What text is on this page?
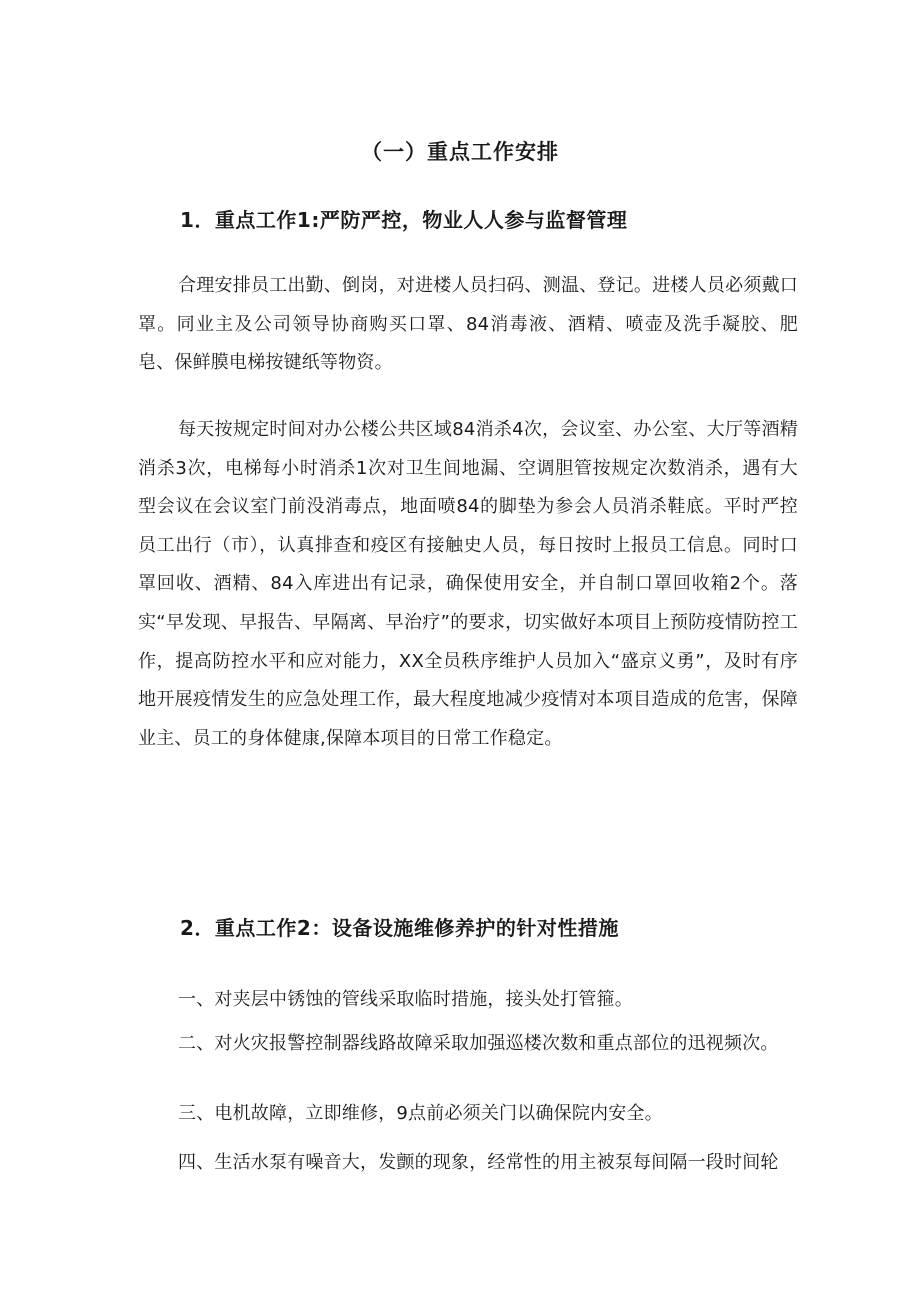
（一）重点工作安排
1．重点工作1:严防严控，物业人人参与监督管理

合理安排员工出勤、倒岗，对进楼人员扫码、测温、登记。进楼人员必须戴口罩。同业主及公司领导协商购买口罩、84消毒液、酒精、喷壶及洗手凝胶、肥皂、保鲜膜电梯按键纸等物资。

每天按规定时间对办公楼公共区域84消杀4次，会议室、办公室、大厅等酒精消杀3次，电梯每小时消杀1次对卫生间地漏、空调胆管按规定次数消杀，遇有大型会议在会议室门前没消毒点，地面喷84的脚垫为参会人员消杀鞋底。平时严控员工出行（市），认真排查和疫区有接触史人员，每日按时上报员工信息。同时口罩回收、酒精、84入库进出有记录，确保使用安全，并自制口罩回收箱2个。落实“早发现、早报告、早隔离、早治疗”的要求，切实做好本项目上预防疫情防控工作，提高防控水平和应对能力，XX全员秩序维护人员加入“盛京义勇”，及时有序地开展疫情发生的应急处理工作，最大程度地减少疫情对本项目造成的危害，保障业主、员工的身体健康,保障本项目的日常工作稳定。

2．重点工作2：设备设施维修养护的针对性措施
一、对夹层中锈蚀的管线采取临时措施，接头处打管箍。
二、对火灾报警控制器线路故障采取加强巡楼次数和重点部位的迅视频次。
三、电机故障，立即维修，9点前必须关门以确保院内安全。
四、生活水泵有噪音大，发颤的现象，经常性的用主被泵每间隔一段时间轮
